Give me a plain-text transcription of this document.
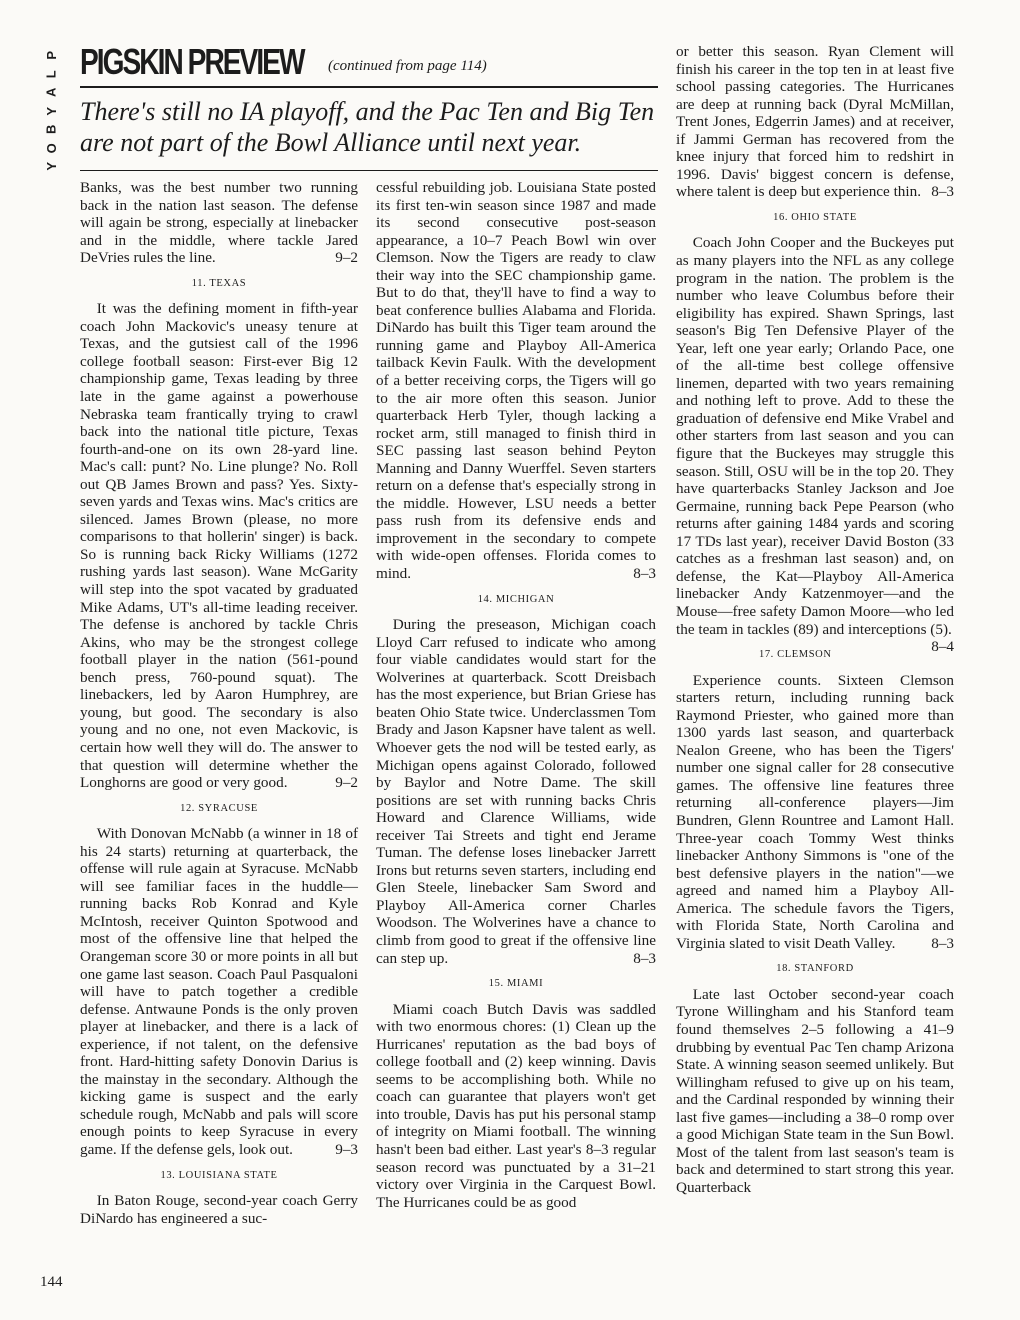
P
L
A
Y
B
O
Y
PIGSKIN PREVIEW	(continued from page 114)
There's still no IA playoff, and the Pac Ten and Big Ten are not part of the Bowl Alliance until next year.

Banks, was the best number two running back in the nation last season. The defense will again be strong, especially at linebacker and in the middle, where tackle Jared DeVries rules the line.	9–2

11. TEXAS

It was the defining moment in fifth-year coach John Mackovic's uneasy tenure at Texas, and the gutsiest call of the 1996 college football season: First-ever Big 12 championship game, Texas leading by three late in the game against a powerhouse Nebraska team frantically trying to crawl back into the national title picture, Texas fourth-and-one on its own 28-yard line. Mac's call: punt? No. Line plunge? No. Roll out QB James Brown and pass? Yes. Sixty-seven yards and Texas wins. Mac's critics are silenced. James Brown (please, no more comparisons to that hollerin' singer) is back. So is running back Ricky Williams (1272 rushing yards last season). Wane McGarity will step into the spot vacated by graduated Mike Adams, UT's all-time leading receiver. The defense is anchored by tackle Chris Akins, who may be the strongest college football player in the nation (561-pound bench press, 760-pound squat). The linebackers, led by Aaron Humphrey, are young, but good. The secondary is also young and no one, not even Mackovic, is certain how well they will do. The answer to that question will determine whether the Longhorns are good or very good.	9–2

12. SYRACUSE

With Donovan McNabb (a winner in 18 of his 24 starts) returning at quarterback, the offense will rule again at Syracuse. McNabb will see familiar faces in the huddle—running backs Rob Konrad and Kyle McIntosh, receiver Quinton Spotwood and most of the offensive line that helped the Orangeman score 30 or more points in all but one game last season. Coach Paul Pasqualoni will have to patch together a credible defense. Antwaune Ponds is the only proven player at linebacker, and there is a lack of experience, if not talent, on the defensive front. Hard-hitting safety Donovin Darius is the mainstay in the secondary. Although the kicking game is suspect and the early schedule rough, McNabb and pals will score enough points to keep Syracuse in every game. If the defense gels, look out.	9–3

13. LOUISIANA STATE

In Baton Rouge, second-year coach Gerry DiNardo has engineered a suc-

cessful rebuilding job. Louisiana State posted its first ten-win season since 1987 and made its second consecutive post-season appearance, a 10–7 Peach Bowl win over Clemson. Now the Tigers are ready to claw their way into the SEC championship game. But to do that, they'll have to find a way to beat conference bullies Alabama and Florida. DiNardo has built this Tiger team around the running game and Playboy All-America tailback Kevin Faulk. With the development of a better receiving corps, the Tigers will go to the air more often this season. Junior quarterback Herb Tyler, though lacking a rocket arm, still managed to finish third in SEC passing last season behind Peyton Manning and Danny Wuerffel. Seven starters return on a defense that's especially strong in the middle. However, LSU needs a better pass rush from its defensive ends and improvement in the secondary to compete with wide-open offenses. Florida comes to mind.	8–3

14. MICHIGAN

During the preseason, Michigan coach Lloyd Carr refused to indicate who among four viable candidates would start for the Wolverines at quarterback. Scott Dreisbach has the most experience, but Brian Griese has beaten Ohio State twice. Underclassmen Tom Brady and Jason Kapsner have talent as well. Whoever gets the nod will be tested early, as Michigan opens against Colorado, followed by Baylor and Notre Dame. The skill positions are set with running backs Chris Howard and Clarence Williams, wide receiver Tai Streets and tight end Jerame Tuman. The defense loses linebacker Jarrett Irons but returns seven starters, including end Glen Steele, linebacker Sam Sword and Playboy All-America corner Charles Woodson. The Wolverines have a chance to climb from good to great if the offensive line can step up.	8–3

15. MIAMI

Miami coach Butch Davis was saddled with two enormous chores: (1) Clean up the Hurricanes' reputation as the bad boys of college football and (2) keep winning. Davis seems to be accomplishing both. While no coach can guarantee that players won't get into trouble, Davis has put his personal stamp of integrity on Miami football. The winning hasn't been bad either. Last year's 8–3 regular season record was punctuated by a 31–21 victory over Virginia in the Carquest Bowl. The Hurricanes could be as good

or better this season. Ryan Clement will finish his career in the top ten in at least five school passing categories. The Hurricanes are deep at running back (Dyral McMillan, Trent Jones, Edgerrin James) and at receiver, if Jammi German has recovered from the knee injury that forced him to redshirt in 1996. Davis' biggest concern is defense, where talent is deep but experience thin. 8–3

16. OHIO STATE

Coach John Cooper and the Buckeyes put as many players into the NFL as any college program in the nation. The problem is the number who leave Columbus before their eligibility has expired. Shawn Springs, last season's Big Ten Defensive Player of the Year, left one year early; Orlando Pace, one of the all-time best college offensive linemen, departed with two years remaining and nothing left to prove. Add to these the graduation of defensive end Mike Vrabel and other starters from last season and you can figure that the Buckeyes may struggle this season. Still, OSU will be in the top 20. They have quarterbacks Stanley Jackson and Joe Germaine, running back Pepe Pearson (who returns after gaining 1484 yards and scoring 17 TDs last year), receiver David Boston (33 catches as a freshman last season) and, on defense, the Kat—Playboy All-America linebacker Andy Katzenmoyer—and the Mouse—free safety Damon Moore—who led the team in tackles (89) and interceptions (5).
8–4

17. CLEMSON

Experience counts. Sixteen Clemson starters return, including running back Raymond Priester, who gained more than 1300 yards last season, and quarterback Nealon Greene, who has been the Tigers' number one signal caller for 28 consecutive games. The offensive line features three returning all-conference players—Jim Bundren, Glenn Rountree and Lamont Hall. Three-year coach Tommy West thinks linebacker Anthony Simmons is "one of the best defensive players in the nation"—we agreed and named him a Playboy All-America. The schedule favors the Tigers, with Florida State, North Carolina and Virginia slated to visit Death Valley.	8–3

18. STANFORD

Late last October second-year coach Tyrone Willingham and his Stanford team found themselves 2–5 following a 41–9 drubbing by eventual Pac Ten champ Arizona State. A winning season seemed unlikely. But Willingham refused to give up on his team, and the Cardinal responded by winning their last five games—including a 38–0 romp over a good Michigan State team in the Sun Bowl. Most of the talent from last season's team is back and determined to start strong this year. Quarterback

144
